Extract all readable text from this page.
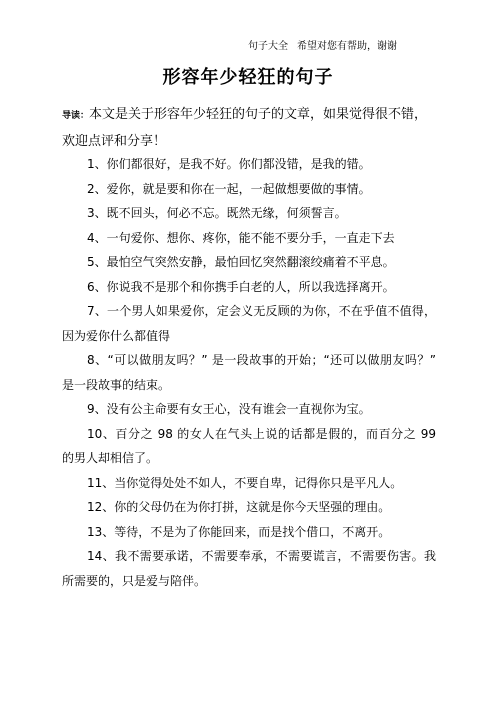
句子大全 希望对您有帮助，谢谢
形容年少轻狂的句子
导读：本文是关于形容年少轻狂的句子的文章，如果觉得很不错，欢迎点评和分享！
1、你们都很好，是我不好。你们都没错，是我的错。
2、爱你，就是要和你在一起，一起做想要做的事情。
3、既不回头，何必不忘。既然无缘，何须誓言。
4、一句爱你、想你、疼你，能不能不要分手，一直走下去
5、最怕空气突然安静，最怕回忆突然翻滚绞痛着不平息。
6、你说我不是那个和你携手白老的人，所以我选择离开。
7、一个男人如果爱你，定会义无反顾的为你，不在乎值不值得，因为爱你什么都值得
8、“可以做朋友吗？” 是一段故事的开始；“还可以做朋友吗？” 是一段故事的结束。
9、没有公主命要有女王心，没有谁会一直视你为宝。
10、百分之 98 的女人在气头上说的话都是假的，而百分之 99 的男人却相信了。
11、当你觉得处处不如人，不要自卑，记得你只是平凡人。
12、你的父母仍在为你打拼，这就是你今天坚强的理由。
13、等待，不是为了你能回来，而是找个借口，不离开。
14、我不需要承诺，不需要奉承，不需要谎言，不需要伤害。我所需要的，只是爱与陪伴。
